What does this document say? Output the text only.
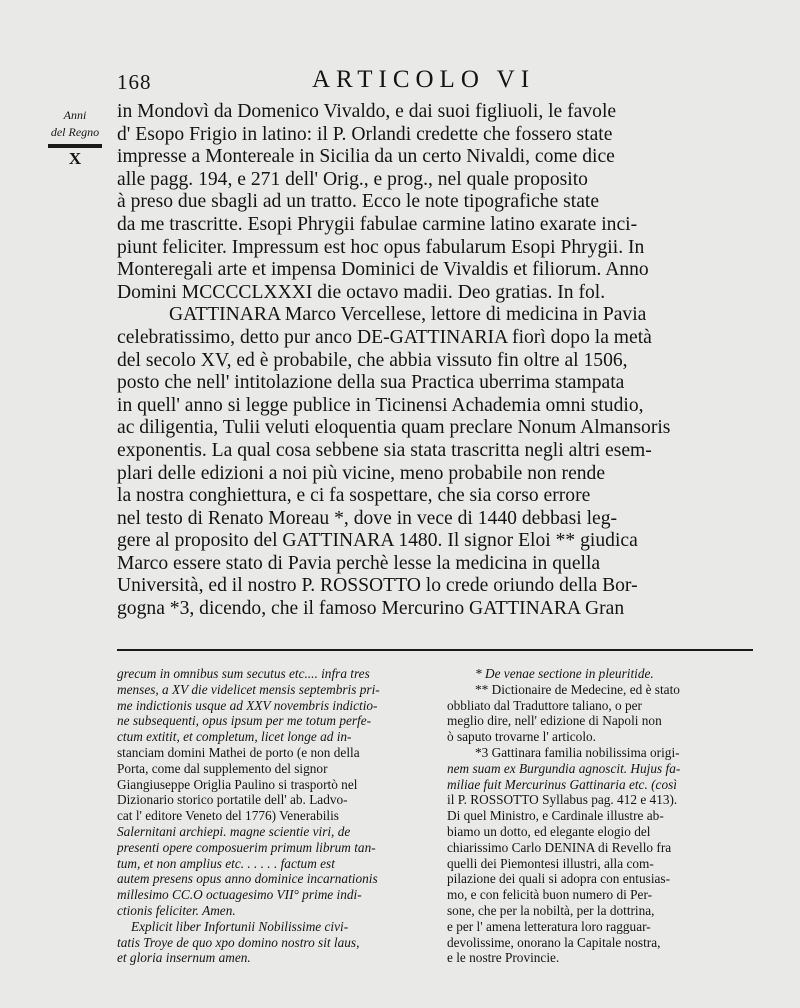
168	ARTICOLO VI
Anni
del Regno
X
in Mondovì da Domenico Vivaldo, e dai suoi figliuoli, le favole
d' Esopo Frigio in latino: il P. Orlandi credette che fossero state
impresse a Montereale in Sicilia da un certo Nivaldi, come dice
alle pagg. 194, e 271 dell' Orig., e prog., nel quale proposito
à preso due sbagli ad un tratto. Ecco le note tipografiche state
da me trascritte. Esopi Phrygii fabulae carmine latino exarate inci-
piunt feliciter. Impressum est hoc opus fabularum Esopi Phrygii. In
Monteregali arte et impensa Dominici de Vivaldis et filiorum. Anno
Domini MCCCCLXXXI die octavo madii. Deo gratias. In fol.
GATTINARA Marco Vercellese, lettore di medicina in Pavia
celebratissimo, detto pur anco DE-GATTINARIA fiorì dopo la metà
del secolo XV, ed è probabile, che abbia vissuto fin oltre al 1506,
posto che nell' intitolazione della sua Practica uberrima stampata
in quell' anno si legge publice in Ticinensi Achademia omni studio,
ac diligentia, Tulii veluti eloquentia quam preclare Nonum Almansoris
exponentis. La qual cosa sebbene sia stata trascritta negli altri esem-
plari delle edizioni a noi più vicine, meno probabile non rende
la nostra conghiettura, e ci fa sospettare, che sia corso errore
nel testo di Renato Moreau *, dove in vece di 1440 debbasi leg-
gere al proposito del GATTINARA 1480. Il signor Eloi ** giudica
Marco essere stato di Pavia perchè lesse la medicina in quella
Università, ed il nostro P. ROSSOTTO lo crede oriundo della Bor-
gogna *3, dicendo, che il famoso Mercurino GATTINARA Gran
grecum in omnibus sum secutus etc.... infra tres
menses, a XV die videlicet mensis septembris pri-
me indictionis usque ad XXV novembris indictio-
ne subsequenti, opus ipsum per me totum perfe-
ctum extitit, et completum, licet longe ad in-
stanciam domini Mathei de porto (e non della
Porta, come dal supplemento del signor
Giangiuseppe Origlia Paulino si trasportò nel
Dizionario storico portatile dell' ab. Ladvo-
cat l' editore Veneto del 1776) Venerabilis
Salernitani archiepi. magne scientie viri, de
presenti opere composuerim primum librum tan-
tum, et non amplius etc. . . . . . factum est
autem presens opus anno dominice incarnationis
millesimo CC.O octuagesimo VII° prime indi-
ctionis feliciter. Amen.
Explicit liber Infortunii Nobilissime civi-
tatis Troye de quo xpo domino nostro sit laus,
et gloria insernum amen.
* De venae sectione in pleuritide.
** Dictionaire de Medecine, ed è stato
obbliato dal Traduttore taliano, o per
meglio dire, nell' edizione di Napoli non
ò saputo trovarne l' articolo.
*3 Gattinara familia nobilissima origi-
nem suam ex Burgundia agnoscit. Hujus fa-
miliae fuit Mercurinus Gattinaria etc. (così
il P. ROSSOTTO Syllabus pag. 412 e 413).
Di quel Ministro, e Cardinale illustre ab-
biamo un dotto, ed elegante elogio del
chiarissimo Carlo DENINA di Revello fra
quelli dei Piemontesi illustri, alla com-
pilazione dei quali si adopra con entusias-
mo, e con felicità buon numero di Per-
sone, che per la nobiltà, per la dottrina,
e per l' amena letteratura loro ragguar-
devolissime, onorano la Capitale nostra,
e le nostre Provincie.
